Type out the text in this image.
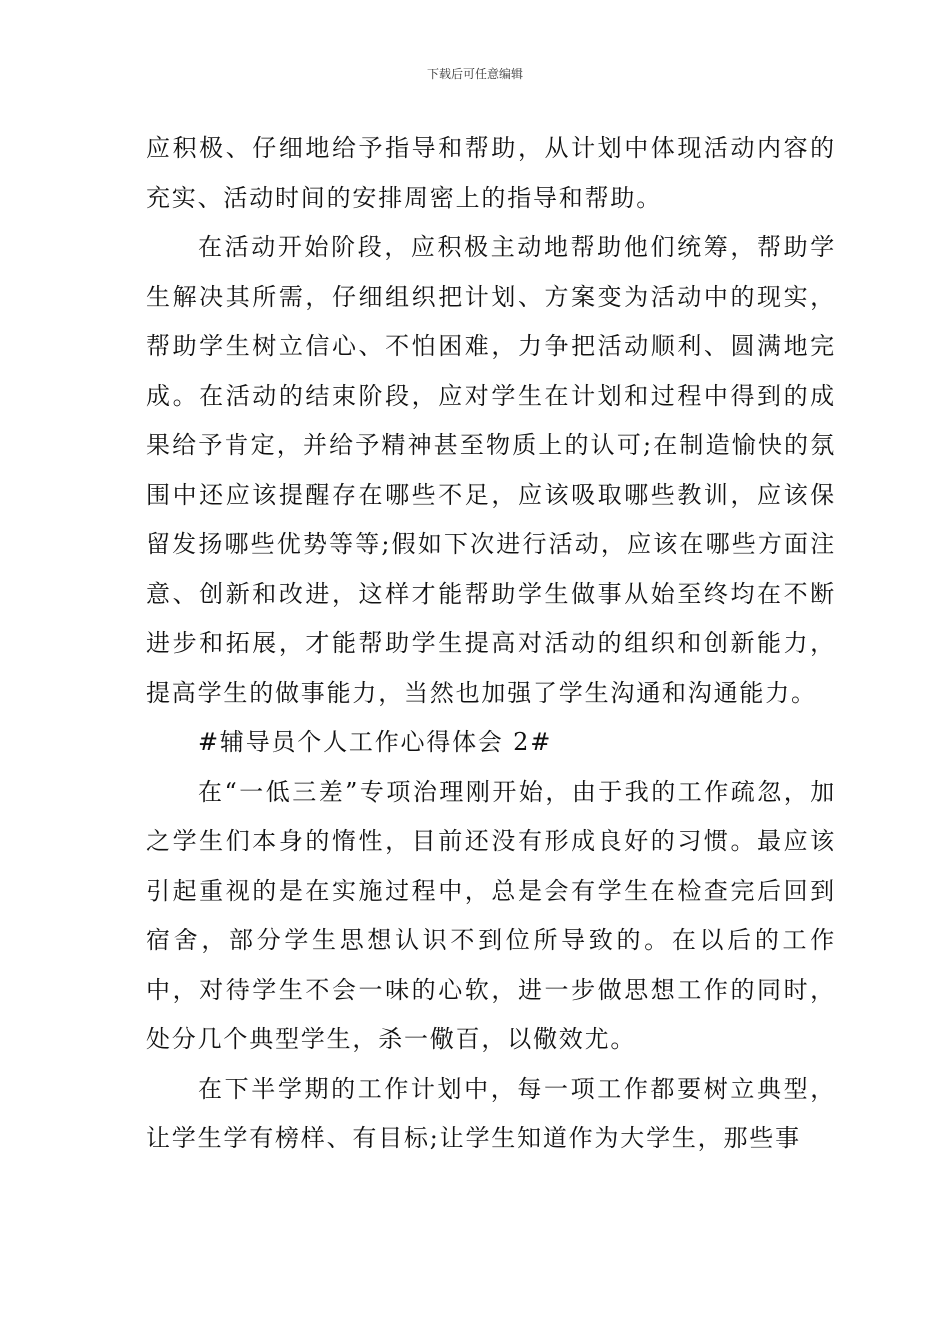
下载后可任意编辑

应积极、仔细地给予指导和帮助，从计划中体现活动内容的充实、活动时间的安排周密上的指导和帮助。

在活动开始阶段，应积极主动地帮助他们统筹，帮助学生解决其所需，仔细组织把计划、方案变为活动中的现实，帮助学生树立信心、不怕困难，力争把活动顺利、圆满地完成。在活动的结束阶段，应对学生在计划和过程中得到的成果给予肯定，并给予精神甚至物质上的认可;在制造愉快的氛围中还应该提醒存在哪些不足，应该吸取哪些教训，应该保留发扬哪些优势等等;假如下次进行活动，应该在哪些方面注意、创新和改进，这样才能帮助学生做事从始至终均在不断进步和拓展，才能帮助学生提高对活动的组织和创新能力，提高学生的做事能力，当然也加强了学生沟通和沟通能力。

#辅导员个人工作心得体会 2#

在“一低三差”专项治理刚开始，由于我的工作疏忽，加之学生们本身的惰性，目前还没有形成良好的习惯。最应该引起重视的是在实施过程中，总是会有学生在检查完后回到宿舍，部分学生思想认识不到位所导致的。在以后的工作中，对待学生不会一味的心软，进一步做思想工作的同时，处分几个典型学生，杀一儆百，以儆效尤。

在下半学期的工作计划中，每一项工作都要树立典型，让学生学有榜样、有目标;让学生知道作为大学生，那些事
